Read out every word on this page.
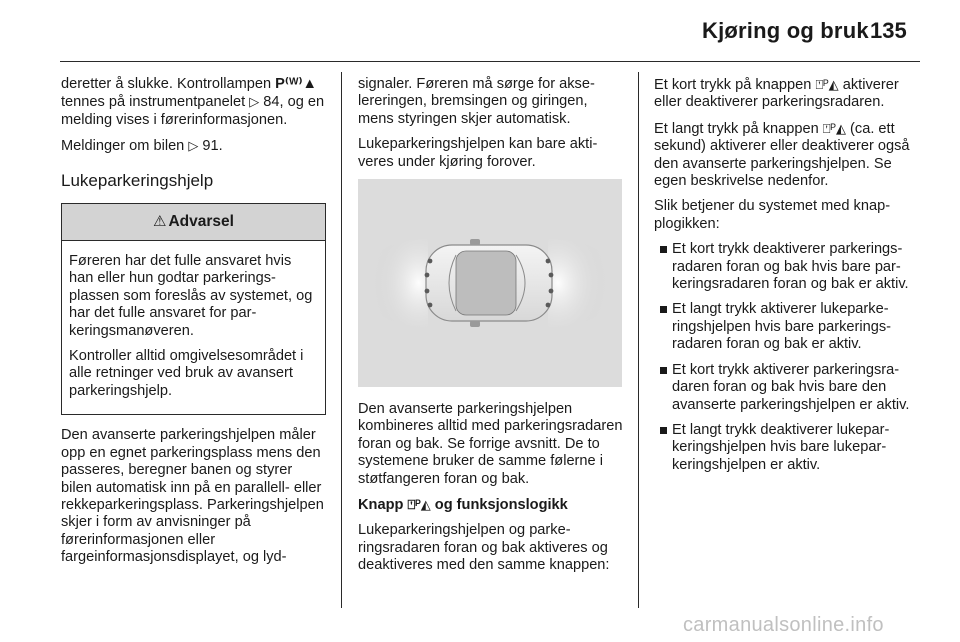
Kjøring og bruk 135

deretter å slukke. Kontrollampen P⁽ᵂ⁾▲ tennes på instrumentpanelet ▷ 84, og en melding vises i førerinformasjonen.

Meldinger om bilen ▷ 91.

Lukeparkeringshjelp
⚠ Advarsel

Føreren har det fulle ansvaret hvis han eller hun godtar parkeringsplassen som foreslås av systemet, og har det fulle ansvaret for parkeringsmanøveren.

Kontroller alltid omgivelsesområdet i alle retninger ved bruk av avansert parkeringshjelp.

Den avanserte parkeringshjelpen måler opp en egnet parkeringsplass mens den passeres, beregner banen og styrer bilen automatisk inn på en parallell- eller rekkeparkeringsplass. Parkeringshjelpen skjer i form av anvisninger på førerinformasjonen eller fargeinformasjonsdisplayet, og lyd-

signaler. Føreren må sørge for akselereringen, bremsingen og giringen, mens styringen skjer automatisk.

Lukeparkeringshjelpen kan bare aktiveres under kjøring forover.

Den avanserte parkeringshjelpen kombineres alltid med parkeringsradaren foran og bak. Se forrige avsnitt. De to systemene bruker de samme følerne i støtfangeren foran og bak.

Knapp ⍞ᴾ◭ og funksjonslogikk

Lukeparkeringshjelpen og parkeringsradaren foran og bak aktiveres og deaktiveres med den samme knappen:

Et kort trykk på knappen ⍞ᴾ◭ aktiverer eller deaktiverer parkeringsradaren.

Et langt trykk på knappen ⍞ᴾ◭ (ca. ett sekund) aktiverer eller deaktiverer også den avanserte parkeringshjelpen. Se egen beskrivelse nedenfor.

Slik betjener du systemet med knapplogikken:

Et kort trykk deaktiverer parkeringsradaren foran og bak hvis bare parkeringsradaren foran og bak er aktiv.
Et langt trykk aktiverer lukeparkeringshjelpen hvis bare parkeringsradaren foran og bak er aktiv.
Et kort trykk aktiverer parkeringsradaren foran og bak hvis bare den avanserte parkeringshjelpen er aktiv.
Et langt trykk deaktiverer lukeparkeringshjelpen hvis bare lukeparkeringshjelpen er aktiv.
carmanualsonline.info
